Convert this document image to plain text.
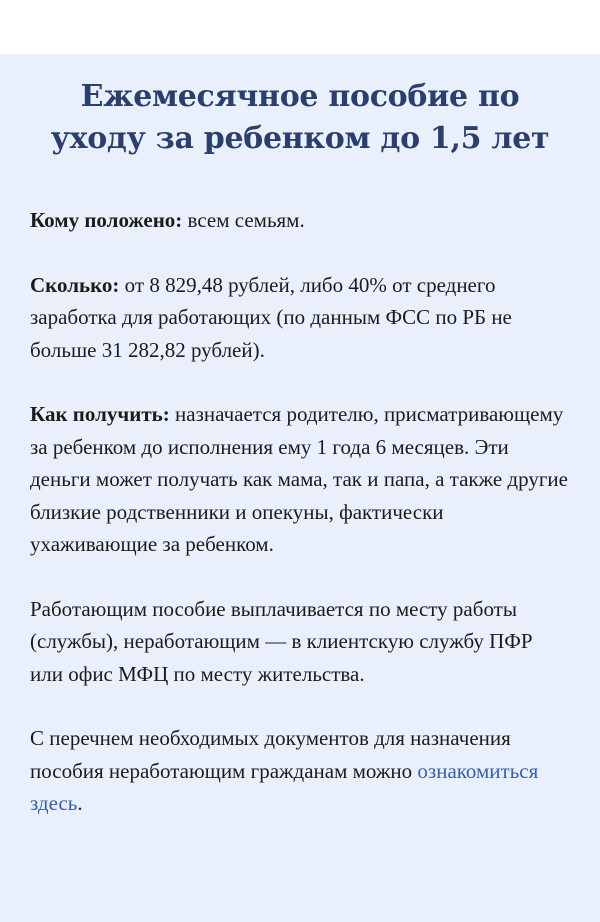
Ежемесячное пособие по
уходу за ребенком до 1,5 лет

Кому положено: всем семьям.

Сколько: от 8 829,48 рублей, либо 40% от среднего заработка для работающих (по данным ФСС по РБ не больше 31 282,82 рублей).

Как получить: назначается родителю, присматривающему за ребенком до исполнения ему 1 года 6 месяцев. Эти деньги может получать как мама, так и папа, а также другие близкие родственники и опекуны, фактически ухаживающие за ребенком.

Работающим пособие выплачивается по месту работы (службы), неработающим — в клиентскую службу ПФР или офис МФЦ по месту жительства.

С перечнем необходимых документов для назначения пособия неработающим гражданам можно ознакомиться здесь.
